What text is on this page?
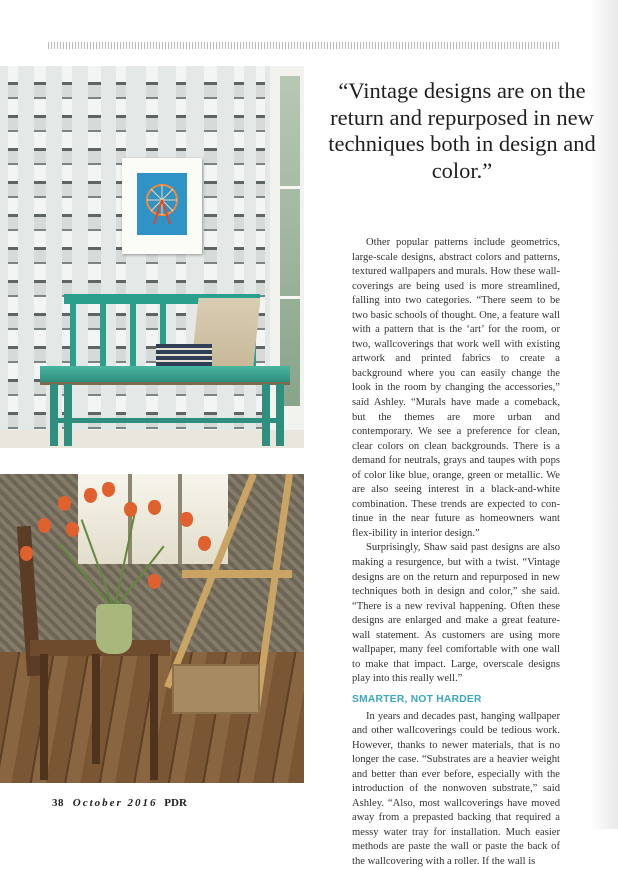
“Vintage designs are on the return and repurposed in new techniques both in design and color.”

Other popular patterns include geometrics, large-scale designs, abstract colors and patterns, textured wallpapers and murals. How these wall-coverings are being used is more streamlined, falling into two categories. “There seem to be two basic schools of thought. One, a feature wall with a pattern that is the ‘art’ for the room, or two, wallcoverings that work well with existing artwork and printed fabrics to create a background where you can easily change the look in the room by changing the accessories,” said Ashley. “Murals have made a comeback, but the themes are more urban and contemporary. We see a preference for clean, clear colors on clean backgrounds. There is a demand for neutrals, grays and taupes with pops of color like blue, orange, green or metallic. We are also seeing interest in a black-and-white combination. These trends are expected to con-tinue in the near future as homeowners want flex-ibility in interior design.”

Surprisingly, Shaw said past designs are also making a resurgence, but with a twist. “Vintage designs are on the return and repurposed in new techniques both in design and color,” she said. “There is a new revival happening. Often these designs are enlarged and make a great feature-wall statement. As customers are using more wallpaper, many feel comfortable with one wall to make that impact. Large, overscale designs play into this really well.”

SMARTER, NOT HARDER

In years and decades past, hanging wallpaper and other wallcoverings could be tedious work. However, thanks to newer materials, that is no longer the case. “Substrates are a heavier weight and better than ever before, especially with the introduction of the nonwoven substrate,” said Ashley. “Also, most wallcoverings have moved away from a prepasted backing that required a messy water tray for installation. Much easier methods are paste the wall or paste the back of the wallcovering with a roller. If the wall is

38 October 2016 PDR
